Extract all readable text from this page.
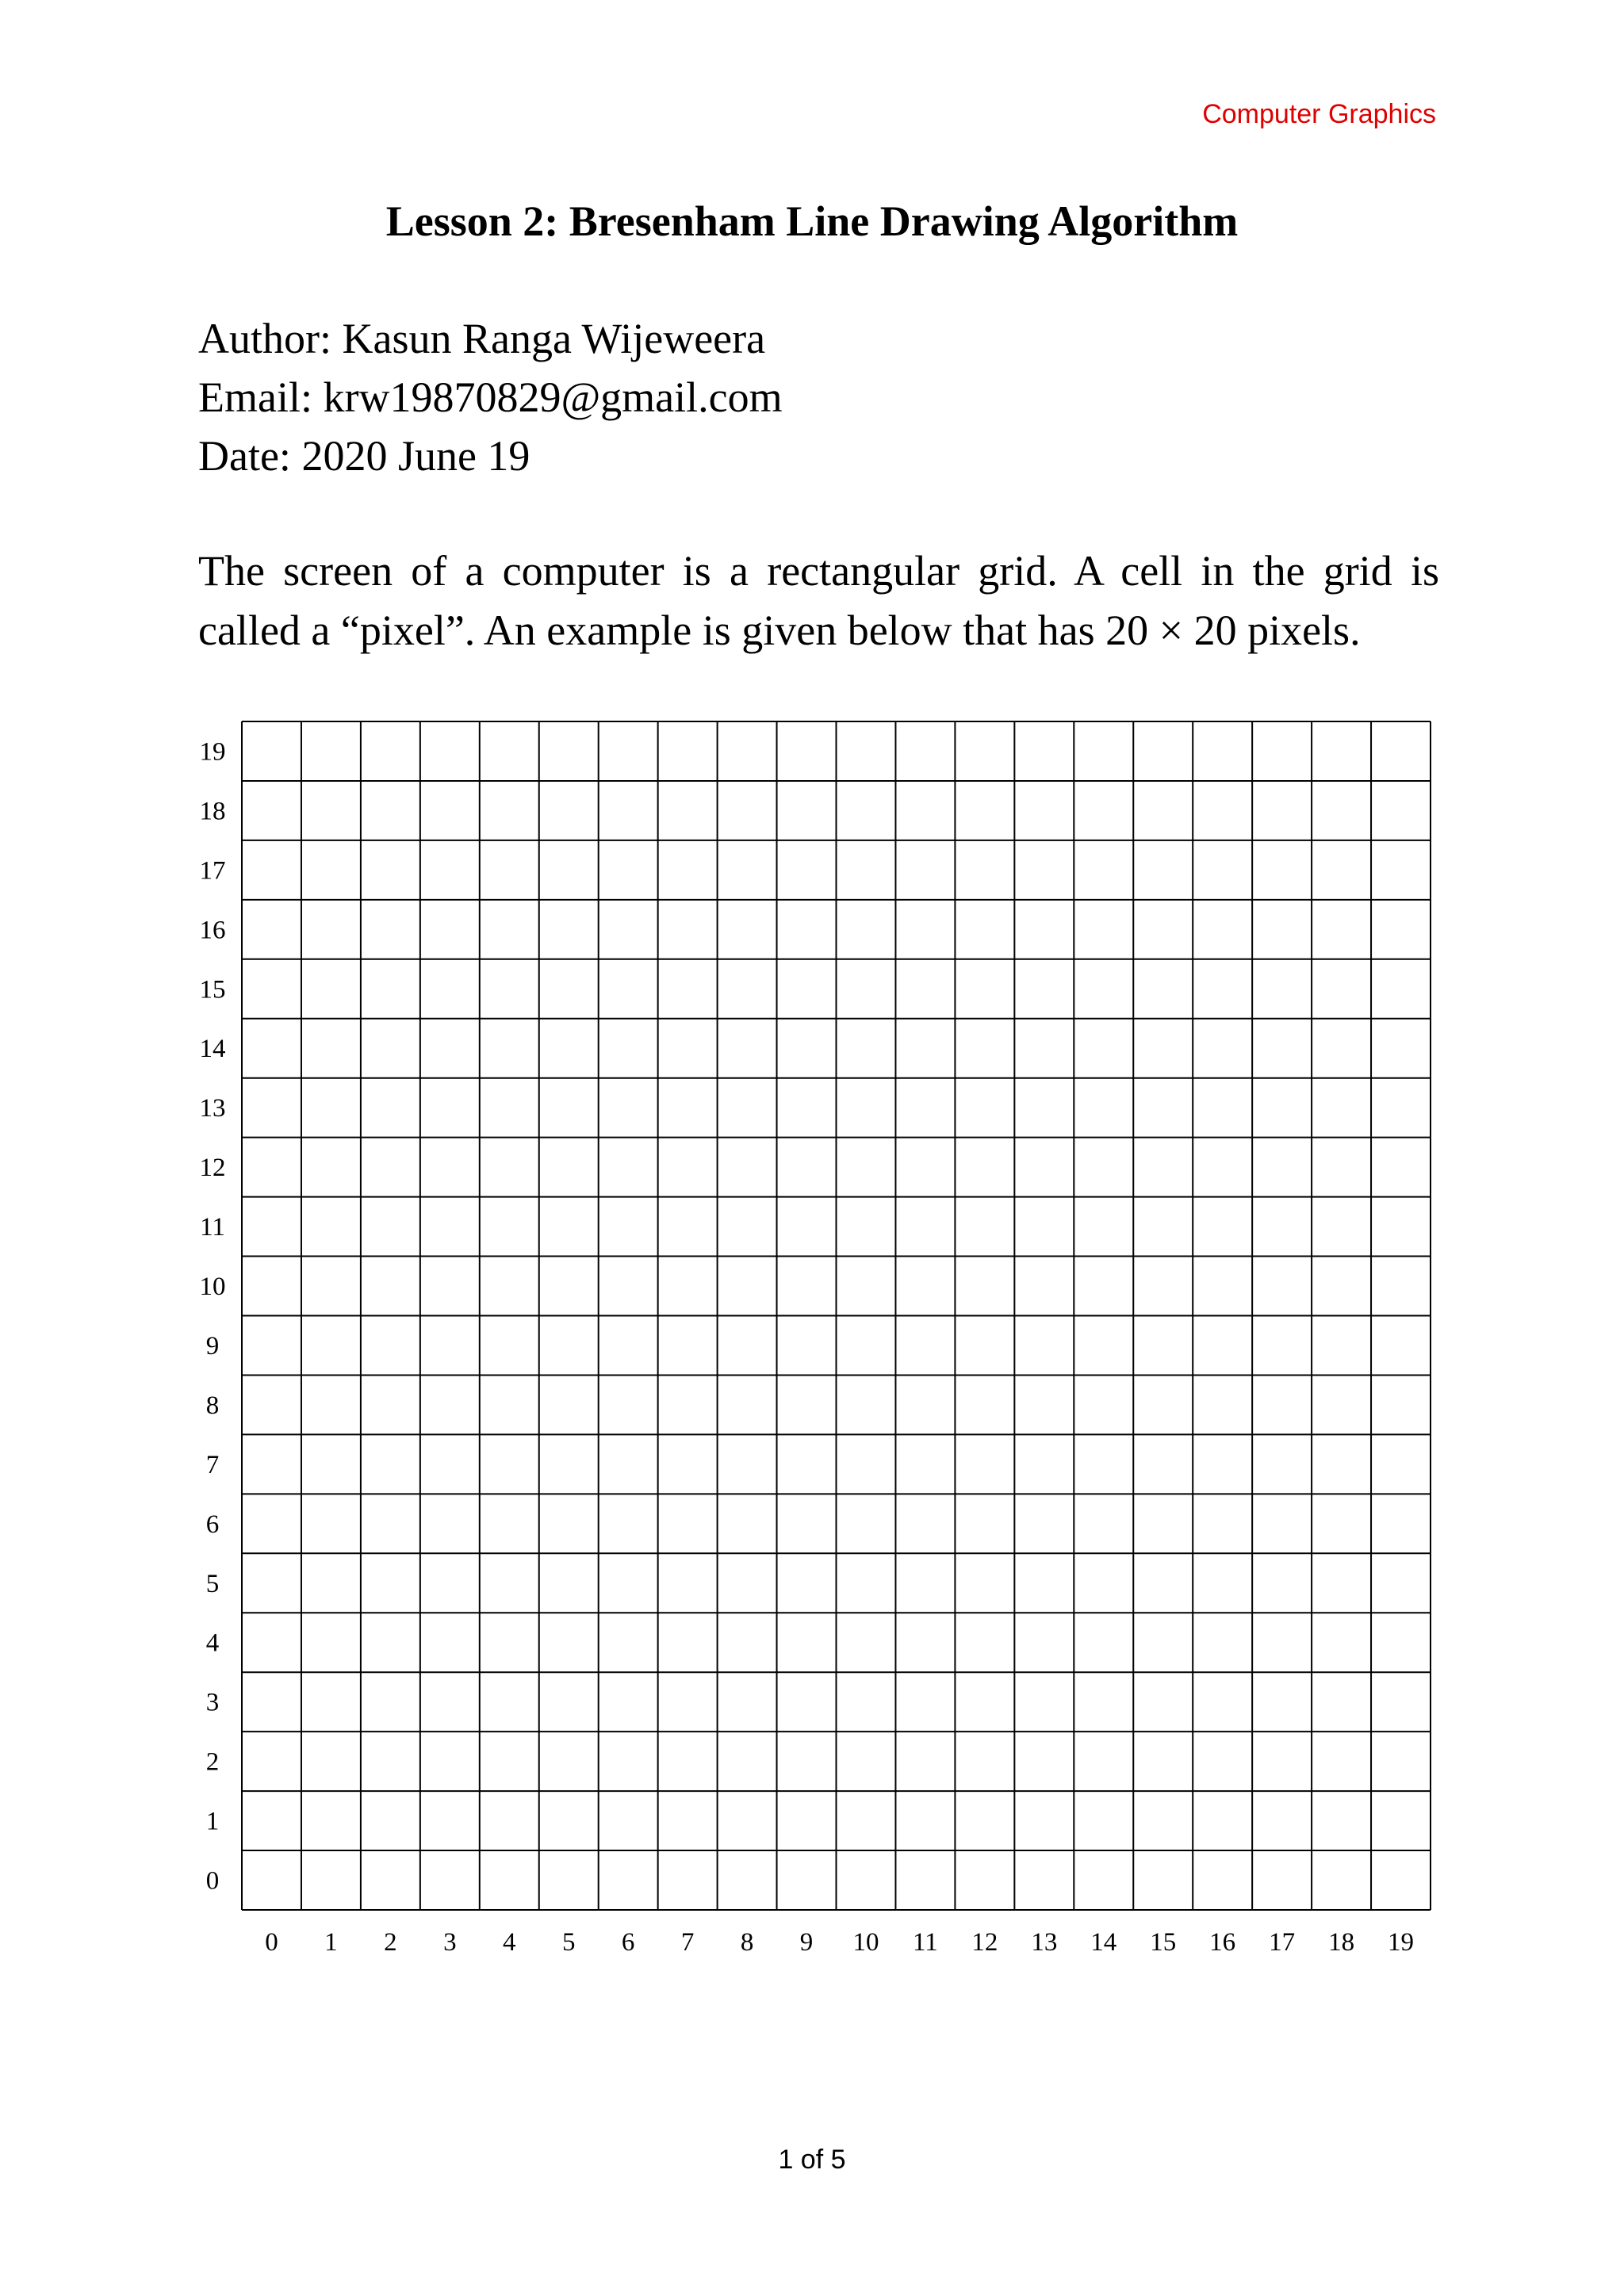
Computer Graphics
Lesson 2: Bresenham Line Drawing Algorithm
Author: Kasun Ranga Wijeweera
Email: krw19870829@gmail.com
Date: 2020 June 19
The screen of a computer is a rectangular grid. A cell in the grid is
called a “pixel”. An example is given below that has 20 × 20 pixels.
0 1 2 3 4 5 6 7 8 9 10 11 12 13 14 15 16 17 18 19
0
1
2
3
4
5
6
7
8
9
10
11
12
13
14
15
16
17
18
19
1 of 5
